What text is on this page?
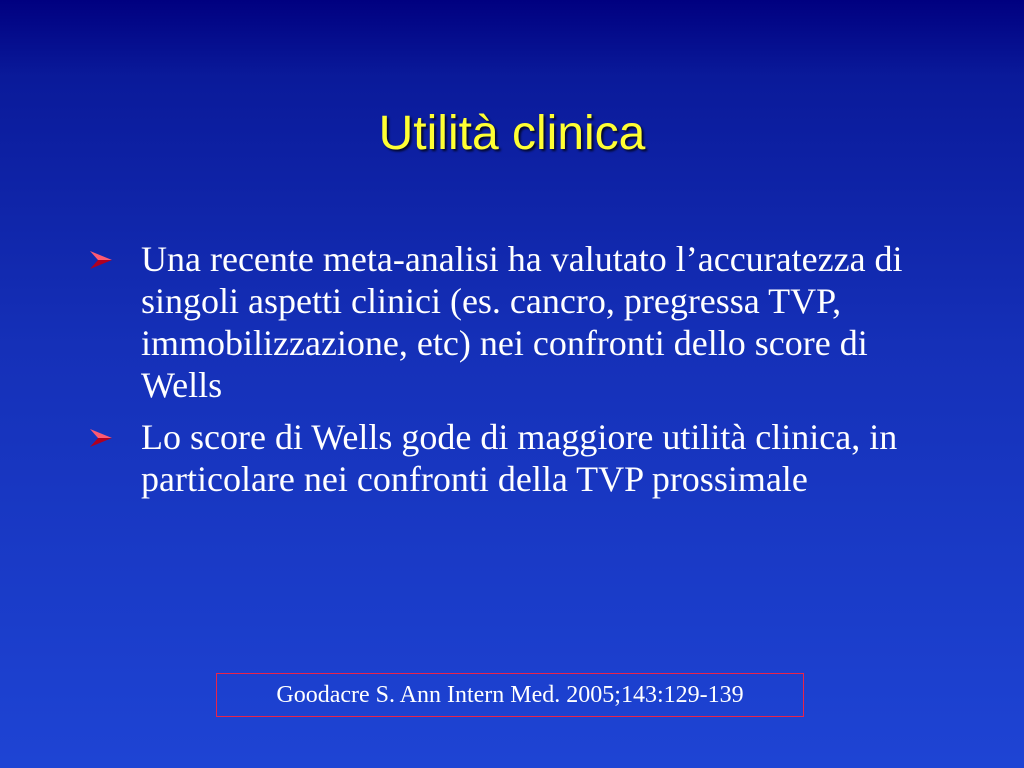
Utilità clinica
Una recente meta-analisi ha valutato l’accuratezza di singoli aspetti clinici (es. cancro, pregressa TVP, immobilizzazione, etc) nei confronti dello score di Wells
Lo score di Wells gode di maggiore utilità clinica, in particolare nei confronti della TVP prossimale
Goodacre S. Ann Intern Med. 2005;143:129-139
